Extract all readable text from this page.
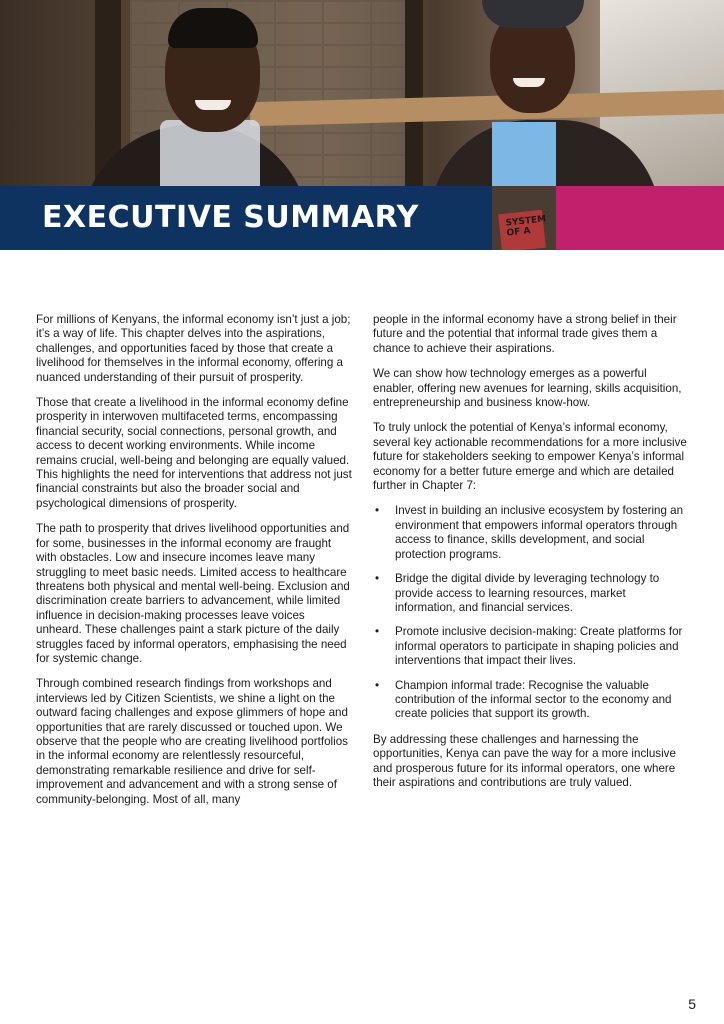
EXECUTIVE SUMMARY	SYSTEM OF A

For millions of Kenyans, the informal economy isn’t just a job; it’s a way of life. This chapter delves into the aspirations, challenges, and opportunities faced by those that create a livelihood for themselves in the informal economy, offering a nuanced understanding of their pursuit of prosperity.

Those that create a livelihood in the informal economy define prosperity in interwoven multifaceted terms, encompassing financial security, social connections, personal growth, and access to decent working environments. While income remains crucial, well-being and belonging are equally valued. This highlights the need for interventions that address not just financial constraints but also the broader social and psychological dimensions of prosperity.

The path to prosperity that drives livelihood opportunities and for some, businesses in the informal economy are fraught with obstacles. Low and insecure incomes leave many struggling to meet basic needs. Limited access to healthcare threatens both physical and mental well-being. Exclusion and discrimination create barriers to advancement, while limited influence in decision-making processes leave voices unheard. These challenges paint a stark picture of the daily struggles faced by informal operators, emphasising the need for systemic change.

Through combined research findings from workshops and interviews led by Citizen Scientists, we shine a light on the outward facing challenges and expose glimmers of hope and opportunities that are rarely discussed or touched upon. We observe that the people who are creating livelihood portfolios in the informal economy are relentlessly resourceful, demonstrating remarkable resilience and drive for self-improvement and advancement and with a strong sense of community-belonging. Most of all, many

people in the informal economy have a strong belief in their future and the potential that informal trade gives them a chance to achieve their aspirations.

We can show how technology emerges as a powerful enabler, offering new avenues for learning, skills acquisition, entrepreneurship and business know-how.

To truly unlock the potential of Kenya’s informal economy, several key actionable recommendations for a more inclusive future for stakeholders seeking to empower Kenya’s informal economy for a better future emerge and which are detailed further in Chapter 7:

• Invest in building an inclusive ecosystem by fostering an environment that empowers informal operators through access to finance, skills development, and social protection programs.
• Bridge the digital divide by leveraging technology to provide access to learning resources, market information, and financial services.
• Promote inclusive decision-making: Create platforms for informal operators to participate in shaping policies and interventions that impact their lives.
• Champion informal trade: Recognise the valuable contribution of the informal sector to the economy and create policies that support its growth.

By addressing these challenges and harnessing the opportunities, Kenya can pave the way for a more inclusive and prosperous future for its informal operators, one where their aspirations and contributions are truly valued.

5
